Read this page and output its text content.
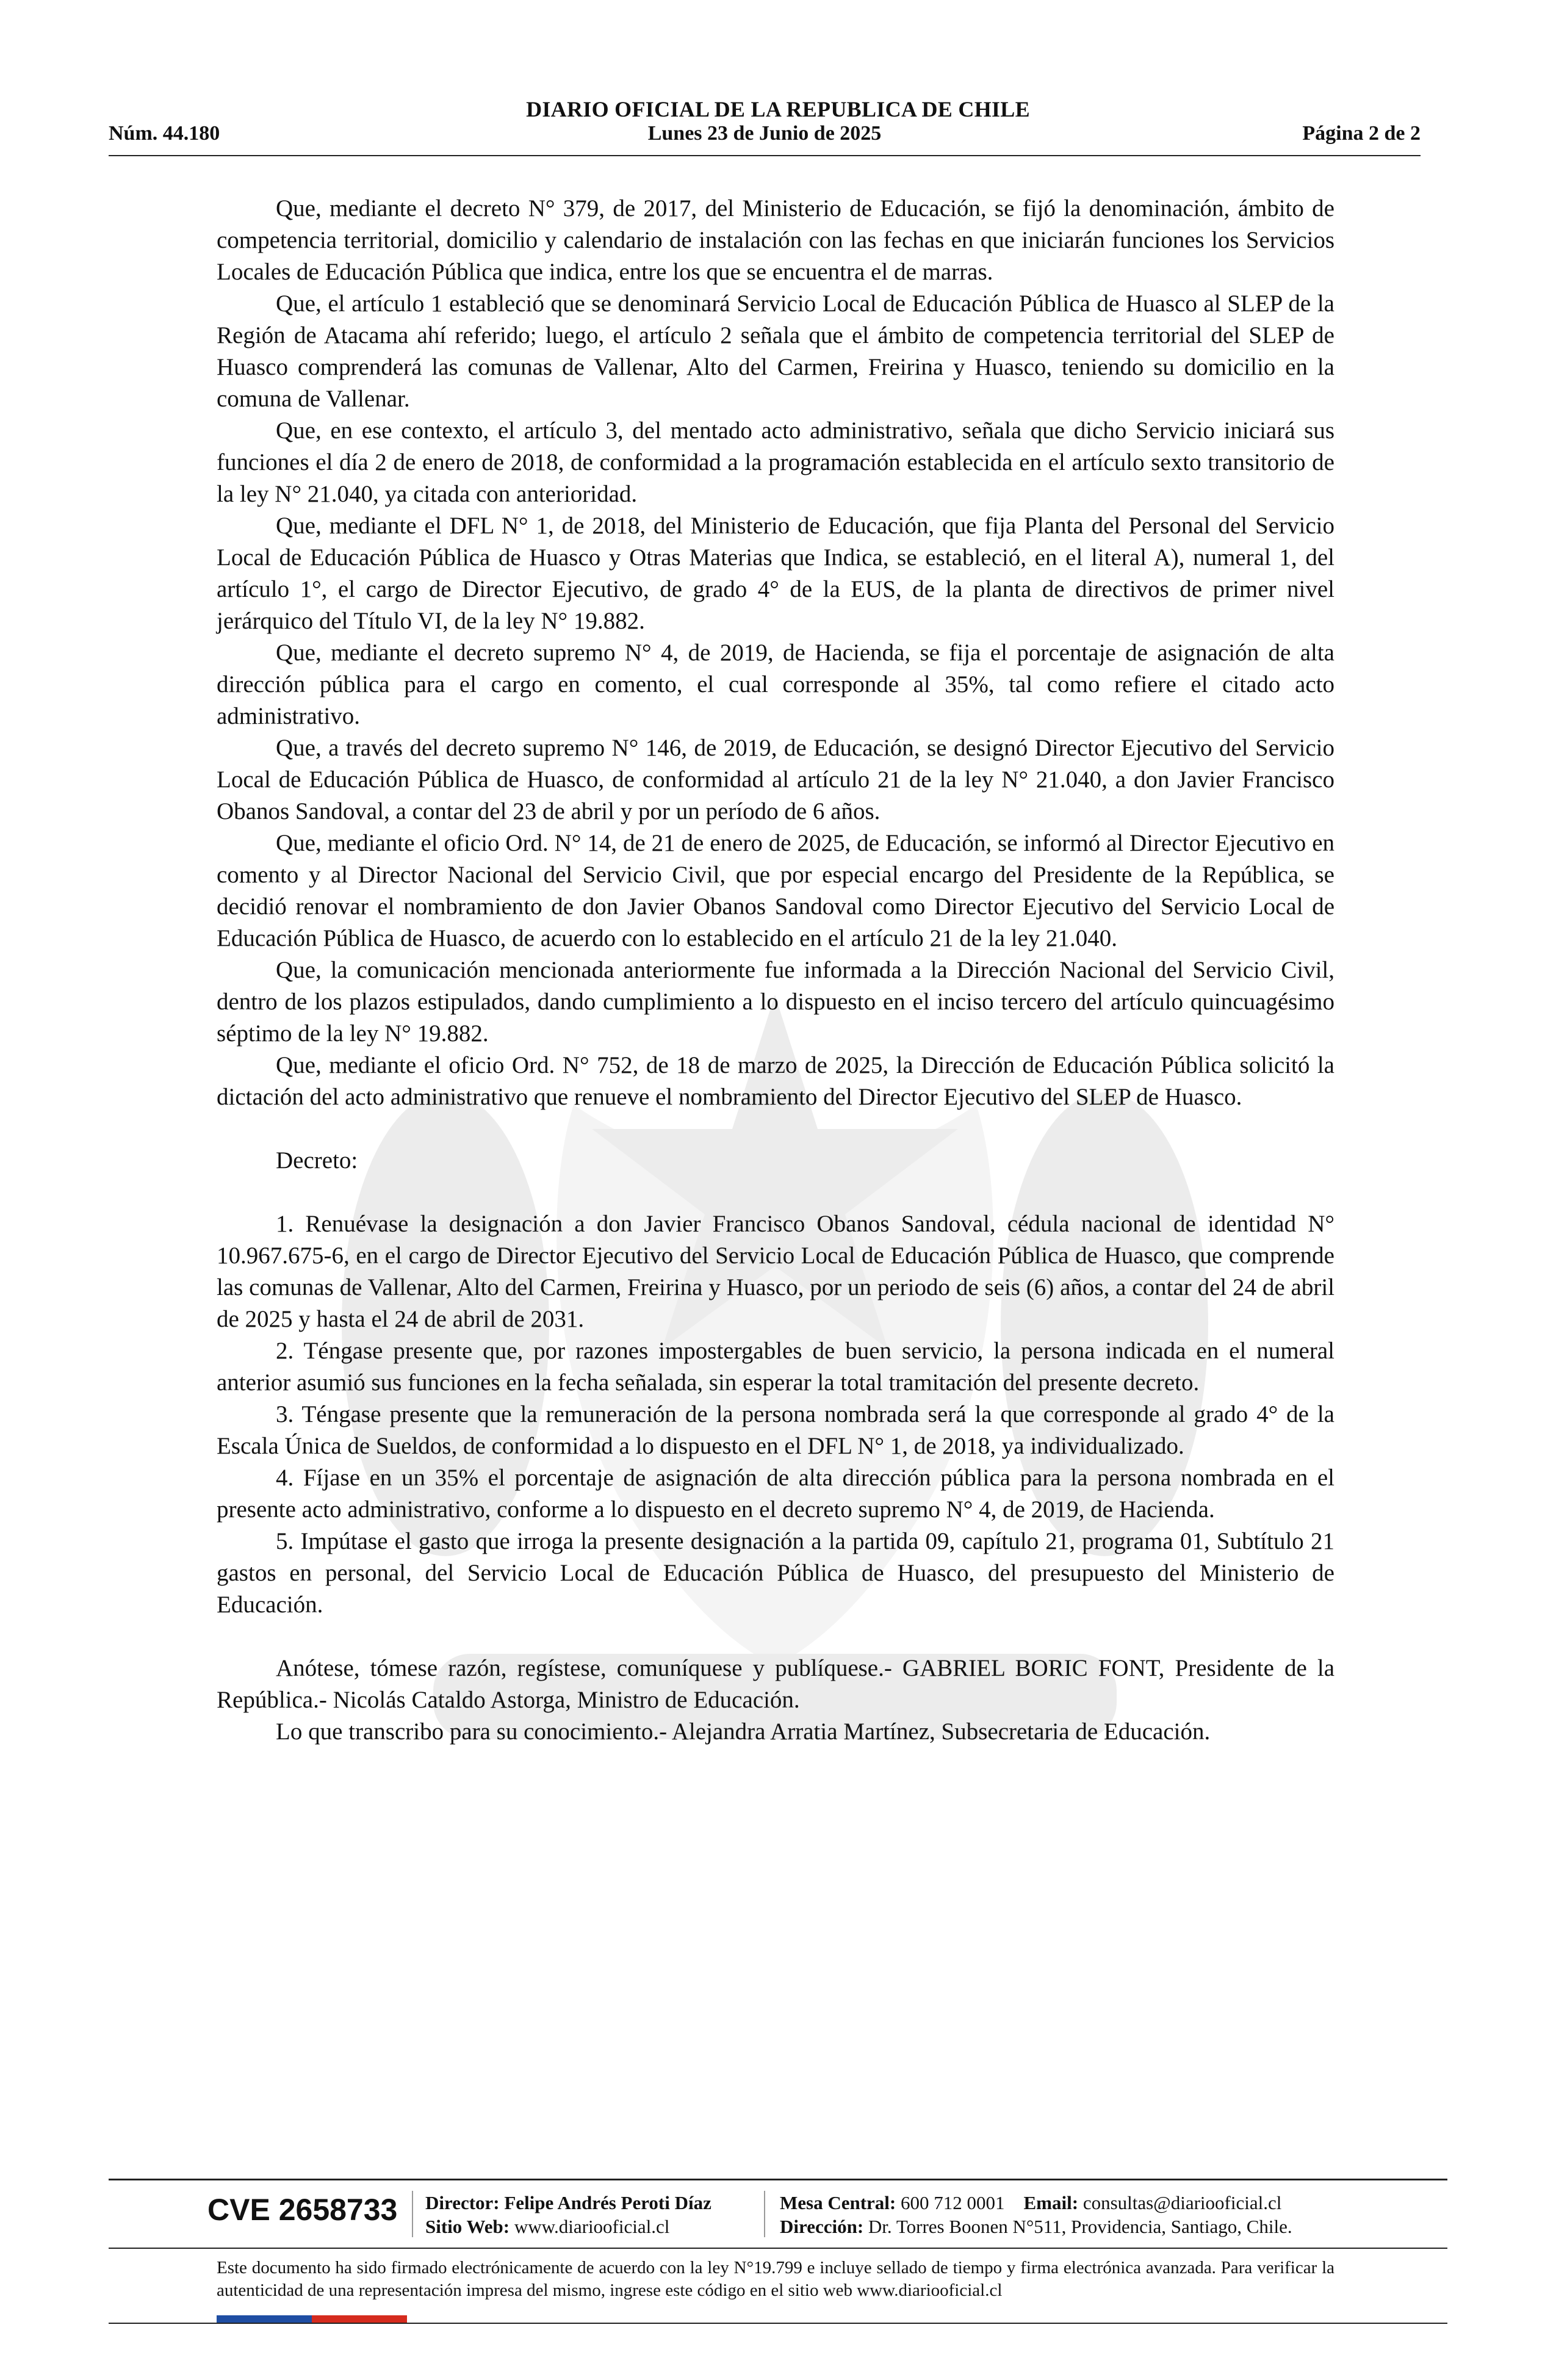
DIARIO OFICIAL DE LA REPUBLICA DE CHILE
Núm. 44.180	Lunes 23 de Junio de 2025	Página 2 de 2

Que, mediante el decreto N° 379, de 2017, del Ministerio de Educación, se fijó la denominación, ámbito de competencia territorial, domicilio y calendario de instalación con las fechas en que iniciarán funciones los Servicios Locales de Educación Pública que indica, entre los que se encuentra el de marras.

Que, el artículo 1 estableció que se denominará Servicio Local de Educación Pública de Huasco al SLEP de la Región de Atacama ahí referido; luego, el artículo 2 señala que el ámbito de competencia territorial del SLEP de Huasco comprenderá las comunas de Vallenar, Alto del Carmen, Freirina y Huasco, teniendo su domicilio en la comuna de Vallenar.

Que, en ese contexto, el artículo 3, del mentado acto administrativo, señala que dicho Servicio iniciará sus funciones el día 2 de enero de 2018, de conformidad a la programación establecida en el artículo sexto transitorio de la ley N° 21.040, ya citada con anterioridad.

Que, mediante el DFL N° 1, de 2018, del Ministerio de Educación, que fija Planta del Personal del Servicio Local de Educación Pública de Huasco y Otras Materias que Indica, se estableció, en el literal A), numeral 1, del artículo 1°, el cargo de Director Ejecutivo, de grado 4° de la EUS, de la planta de directivos de primer nivel jerárquico del Título VI, de la ley N° 19.882.

Que, mediante el decreto supremo N° 4, de 2019, de Hacienda, se fija el porcentaje de asignación de alta dirección pública para el cargo en comento, el cual corresponde al 35%, tal como refiere el citado acto administrativo.

Que, a través del decreto supremo N° 146, de 2019, de Educación, se designó Director Ejecutivo del Servicio Local de Educación Pública de Huasco, de conformidad al artículo 21 de la ley N° 21.040, a don Javier Francisco Obanos Sandoval, a contar del 23 de abril y por un período de 6 años.

Que, mediante el oficio Ord. N° 14, de 21 de enero de 2025, de Educación, se informó al Director Ejecutivo en comento y al Director Nacional del Servicio Civil, que por especial encargo del Presidente de la República, se decidió renovar el nombramiento de don Javier Obanos Sandoval como Director Ejecutivo del Servicio Local de Educación Pública de Huasco, de acuerdo con lo establecido en el artículo 21 de la ley 21.040.

Que, la comunicación mencionada anteriormente fue informada a la Dirección Nacional del Servicio Civil, dentro de los plazos estipulados, dando cumplimiento a lo dispuesto en el inciso tercero del artículo quincuagésimo séptimo de la ley N° 19.882.

Que, mediante el oficio Ord. N° 752, de 18 de marzo de 2025, la Dirección de Educación Pública solicitó la dictación del acto administrativo que renueve el nombramiento del Director Ejecutivo del SLEP de Huasco.

Decreto:

1. Renuévase la designación a don Javier Francisco Obanos Sandoval, cédula nacional de identidad N° 10.967.675-6, en el cargo de Director Ejecutivo del Servicio Local de Educación Pública de Huasco, que comprende las comunas de Vallenar, Alto del Carmen, Freirina y Huasco, por un periodo de seis (6) años, a contar del 24 de abril de 2025 y hasta el 24 de abril de 2031.

2. Téngase presente que, por razones impostergables de buen servicio, la persona indicada en el numeral anterior asumió sus funciones en la fecha señalada, sin esperar la total tramitación del presente decreto.

3. Téngase presente que la remuneración de la persona nombrada será la que corresponde al grado 4° de la Escala Única de Sueldos, de conformidad a lo dispuesto en el DFL N° 1, de 2018, ya individualizado.

4. Fíjase en un 35% el porcentaje de asignación de alta dirección pública para la persona nombrada en el presente acto administrativo, conforme a lo dispuesto en el decreto supremo N° 4, de 2019, de Hacienda.

5. Impútase el gasto que irroga la presente designación a la partida 09, capítulo 21, programa 01, Subtítulo 21 gastos en personal, del Servicio Local de Educación Pública de Huasco, del presupuesto del Ministerio de Educación.

Anótese, tómese razón, regístese, comuníquese y publíquese.- GABRIEL BORIC FONT, Presidente de la República.- Nicolás Cataldo Astorga, Ministro de Educación.

Lo que transcribo para su conocimiento.- Alejandra Arratia Martínez, Subsecretaria de Educación.

CVE 2658733 Director: Felipe Andrés Peroti Díaz
Sitio Web: www.diariooficial.cl
Mesa Central: 600 712 0001 Email: consultas@diariooficial.cl
Dirección: Dr. Torres Boonen N°511, Providencia, Santiago, Chile.
Este documento ha sido firmado electrónicamente de acuerdo con la ley N°19.799 e incluye sellado de tiempo y firma electrónica avanzada. Para verificar la autenticidad de una representación impresa del mismo, ingrese este código en el sitio web www.diariooficial.cl
